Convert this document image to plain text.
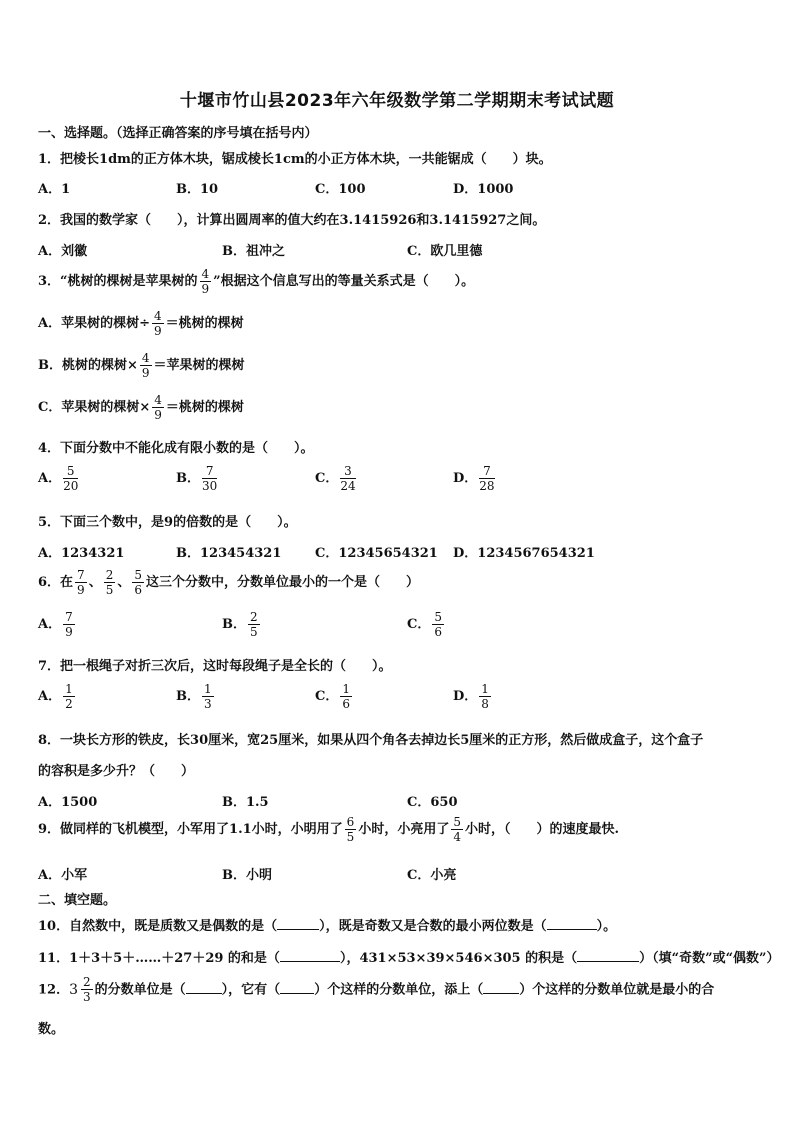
十堰市竹山县2023年六年级数学第二学期期末考试试题
一、选择题。（选择正确答案的序号填在括号内）
1．把棱长1dm的正方体木块，锯成棱长1cm的小正方体木块，一共能锯成（　　）块。
A．1	B．10	C．100	D．1000
2．我国的数学家（　　），计算出圆周率的值大约在3.1415926和3.1415927之间。
A．刘徽	B．祖冲之	C．欧几里德
3．“桃树的棵树是苹果树的 $\frac{4}{9}$ ”根据这个信息写出的等量关系式是（　　）。
A．苹果树的棵树÷ $\frac{4}{9}$ ＝桃树的棵树
B．桃树的棵树× $\frac{4}{9}$ ＝苹果树的棵树
C．苹果树的棵树× $\frac{4}{9}$ ＝桃树的棵树
4．下面分数中不能化成有限小数的是（　　）。
A． $\frac{5}{20}$	B． $\frac{7}{30}$	C． $\frac{3}{24}$	D． $\frac{7}{28}$
5．下面三个数中，是9的倍数的是（　　）。
A．1234321	B．123454321	C．12345654321 D．1234567654321
6．在 $\frac{7}{9}$ 、 $\frac{2}{5}$ 、 $\frac{5}{6}$ 这三个分数中，分数单位最小的一个是（　　）
A． $\frac{7}{9}$	B． $\frac{2}{5}$	C． $\frac{5}{6}$
7．把一根绳子对折三次后，这时每段绳子是全长的（　　）。
A． $\frac{1}{2}$	B． $\frac{1}{3}$	C． $\frac{1}{6}$	D． $\frac{1}{8}$
8．一块长方形的铁皮，长30厘米，宽25厘米，如果从四个角各去掉边长5厘米的正方形，然后做成盒子，这个盒子
的容积是多少升？（　　）
A．1500	B．1.5	C．650
9．做同样的飞机模型，小军用了1.1小时，小明用了 $\frac{6}{5}$ 小时，小亮用了 $\frac{5}{4}$ 小时，（　　）的速度最快.
A．小军	B．小明	C．小亮
二、填空题。
10．自然数中，既是质数又是偶数的是（	），既是奇数又是合数的最小两位数是（	）。
11．1＋3＋5＋……＋27＋29 的和是（	），431×53×39×546×305 的积是（	）（填“奇数”或“偶数”）
12． $3 \frac{2}{3}$ 的分数单位是（	），它有（	）个这样的分数单位，添上（	）个这样的分数单位就是最小的合
数。
